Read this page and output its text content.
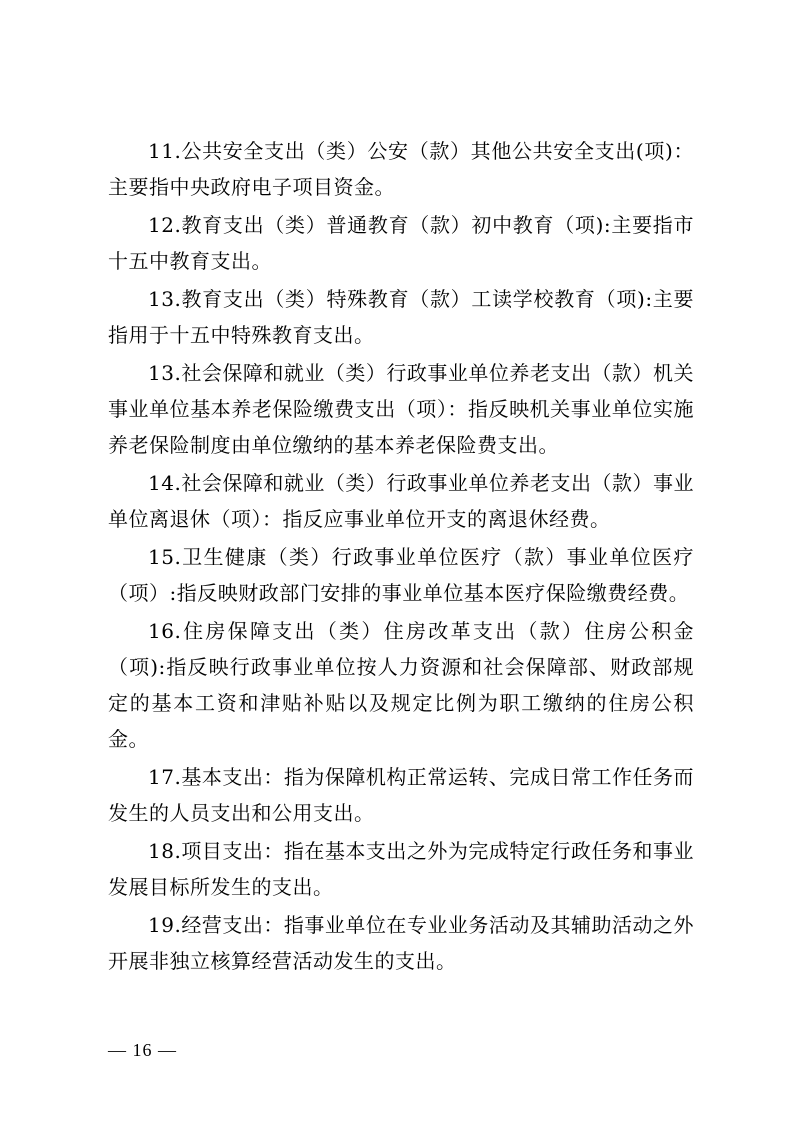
11.公共安全支出（类）公安（款）其他公共安全支出(项)：主要指中央政府电子项目资金。

12.教育支出（类）普通教育（款）初中教育（项):主要指市十五中教育支出。

13.教育支出（类）特殊教育（款）工读学校教育（项):主要指用于十五中特殊教育支出。

13.社会保障和就业（类）行政事业单位养老支出（款）机关事业单位基本养老保险缴费支出（项）：指反映机关事业单位实施养老保险制度由单位缴纳的基本养老保险费支出。

14.社会保障和就业（类）行政事业单位养老支出（款）事业单位离退休（项）：指反应事业单位开支的离退休经费。

15.卫生健康（类）行政事业单位医疗（款）事业单位医疗（项）:指反映财政部门安排的事业单位基本医疗保险缴费经费。

16.住房保障支出（类）住房改革支出（款）住房公积金（项):指反映行政事业单位按人力资源和社会保障部、财政部规定的基本工资和津贴补贴以及规定比例为职工缴纳的住房公积金。

17.基本支出：指为保障机构正常运转、完成日常工作任务而发生的人员支出和公用支出。

18.项目支出：指在基本支出之外为完成特定行政任务和事业发展目标所发生的支出。

19.经营支出：指事业单位在专业业务活动及其辅助活动之外开展非独立核算经营活动发生的支出。

— 16 —
